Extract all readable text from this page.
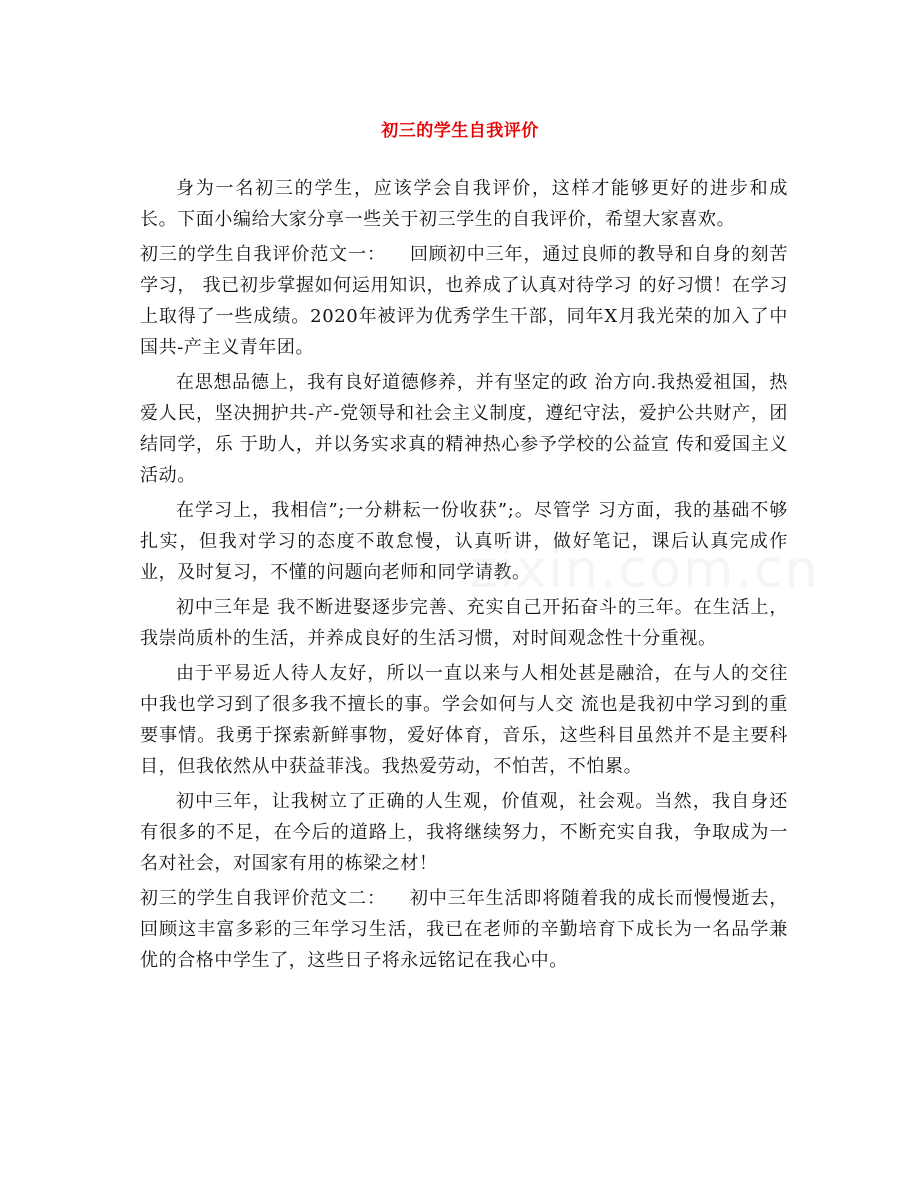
初三的学生自我评价

身为一名初三的学生，应该学会自我评价，这样才能够更好的进步和成长。下面小编给大家分享一些关于初三学生的自我评价，希望大家喜欢。

初三的学生自我评价范文一： 回顾初中三年，通过良师的教导和自身的刻苦学习， 我已初步掌握如何运用知识，也养成了认真对待学习 的好习惯！在学习上取得了一些成绩。2020年被评为优秀学生干部，同年X月我光荣的加入了中国共-产主义青年团。

在思想品德上，我有良好道德修养，并有坚定的政 治方向.我热爱祖国，热爱人民，坚决拥护共-产-党领导和社会主义制度，遵纪守法，爱护公共财产，团结同学，乐 于助人，并以务实求真的精神热心参予学校的公益宣 传和爱国主义活动。

在学习上，我相信”;一分耕耘一份收获”;。尽管学 习方面，我的基础不够扎实，但我对学习的态度不敢怠慢，认真听讲，做好笔记，课后认真完成作业，及时复习，不懂的问题向老师和同学请教。

初中三年是 我不断进娶逐步完善、充实自己开拓奋斗的三年。在生活上，我崇尚质朴的生活，并养成良好的生活习惯，对时间观念性十分重视。

由于平易近人待人友好，所以一直以来与人相处甚是融洽，在与人的交往 中我也学习到了很多我不擅长的事。学会如何与人交 流也是我初中学习到的重要事情。我勇于探索新鲜事物，爱好体育，音乐，这些科目虽然并不是主要科目，但我依然从中获益菲浅。我热爱劳动，不怕苦，不怕累。

初中三年，让我树立了正确的人生观，价值观，社会观。当然，我自身还有很多的不足，在今后的道路上，我将继续努力，不断充实自我，争取成为一名对社会，对国家有用的栋梁之材！

初三的学生自我评价范文二： 初中三年生活即将随着我的成长而慢慢逝去，回顾这丰富多彩的三年学习生活，我已在老师的辛勤培育下成长为一名品学兼优的合格中学生了，这些日子将永远铭记在我心中。

zixin.com.cn
